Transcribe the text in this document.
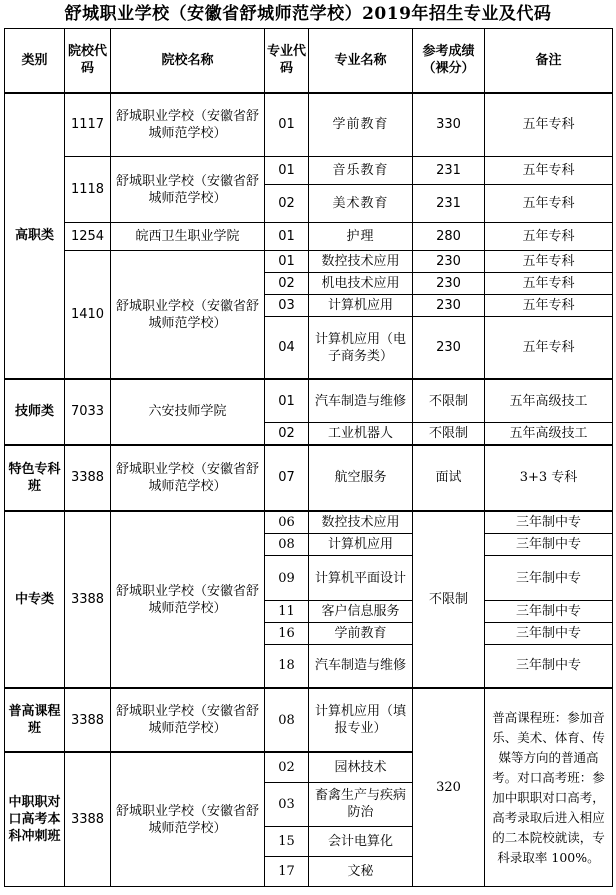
舒城职业学校（安徽省舒城师范学校）2019年招生专业及代码
类别	院校代码	院校名称	专业代码	专业名称	参考成绩（裸分）	备注
高职类	1117	舒城职业学校（安徽省舒城师范学校）	01	学前教育	330	五年专科
	1118	舒城职业学校（安徽省舒城师范学校）	01	音乐教育	231	五年专科
			02	美术教育	231	五年专科
	1254	皖西卫生职业学院	01	护理	280	五年专科
	1410	舒城职业学校（安徽省舒城师范学校）	01	数控技术应用	230	五年专科
			02	机电技术应用	230	五年专科
			03	计算机应用	230	五年专科
			04	计算机应用（电子商务类）	230	五年专科
技师类	7033	六安技师学院	01	汽车制造与维修	不限制	五年高级技工
			02	工业机器人	不限制	五年高级技工
特色专科班	3388	舒城职业学校（安徽省舒城师范学校）	07	航空服务	面试	3+3 专科
中专类	3388	舒城职业学校（安徽省舒城师范学校）	06	数控技术应用	不限制	三年制中专
			08	计算机应用		三年制中专
			09	计算机平面设计		三年制中专
			11	客户信息服务		三年制中专
			16	学前教育		三年制中专
			18	汽车制造与维修		三年制中专
普高课程班	3388	舒城职业学校（安徽省舒城师范学校）	08	计算机应用（填报专业）	320	普高课程班：参加音乐、美术、体育、传媒等方向的普通高考。对口高考班：参加中职职对口高考，高考录取后进入相应的二本院校就读，专科录取率 100%。
中职职对口高考本科冲刺班	3388	舒城职业学校（安徽省舒城师范学校）	02	园林技术		
			03	畜禽生产与疾病防治		
			15	会计电算化		
			17	文秘		
